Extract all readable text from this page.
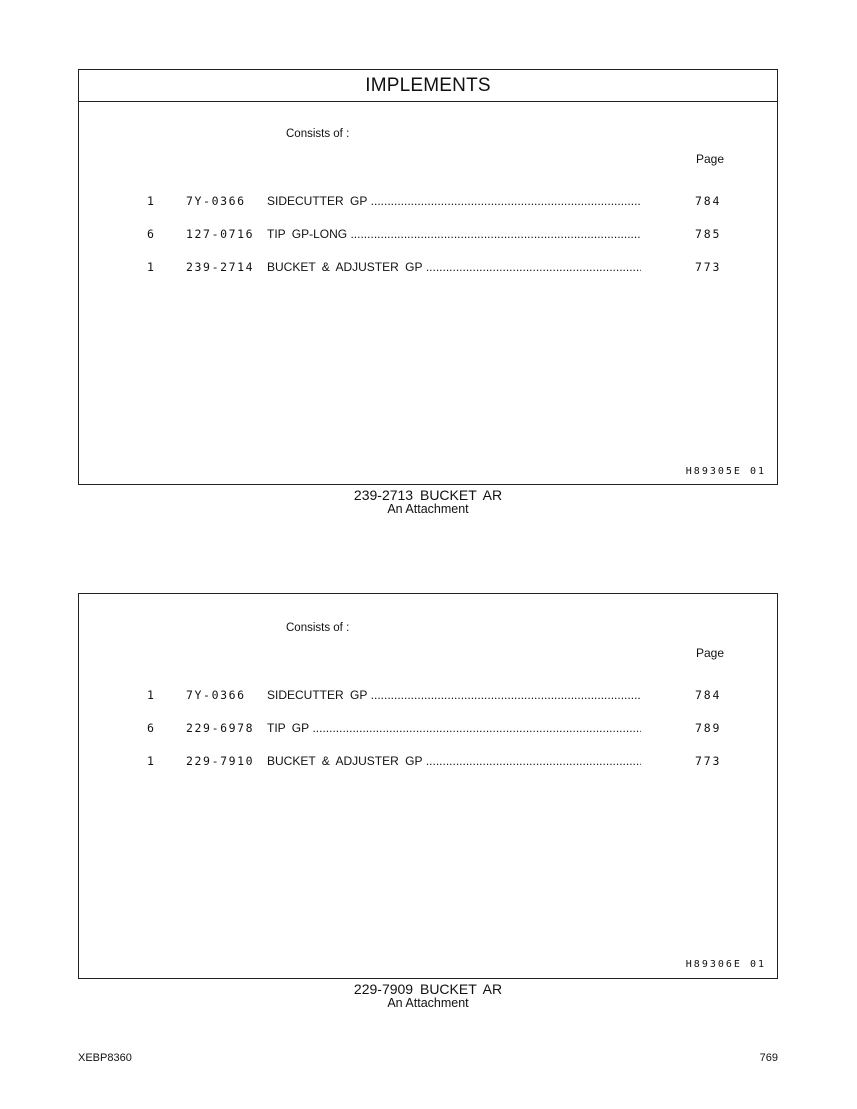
IMPLEMENTS
Consists of :
Page
1	7Y-0366 SIDECUTTER GP .....	784
6	127-0716 TIP GP-LONG .....	785
1	239-2714 BUCKET & ADJUSTER GP .....	773
H89305E 01
239-2713 BUCKET AR
An Attachment
Consists of :
Page
1	7Y-0366 SIDECUTTER GP .....	784
6	229-6978 TIP GP .....	789
1	229-7910 BUCKET & ADJUSTER GP .....	773
H89306E 01
229-7909 BUCKET AR
An Attachment
XEBP8360	769
